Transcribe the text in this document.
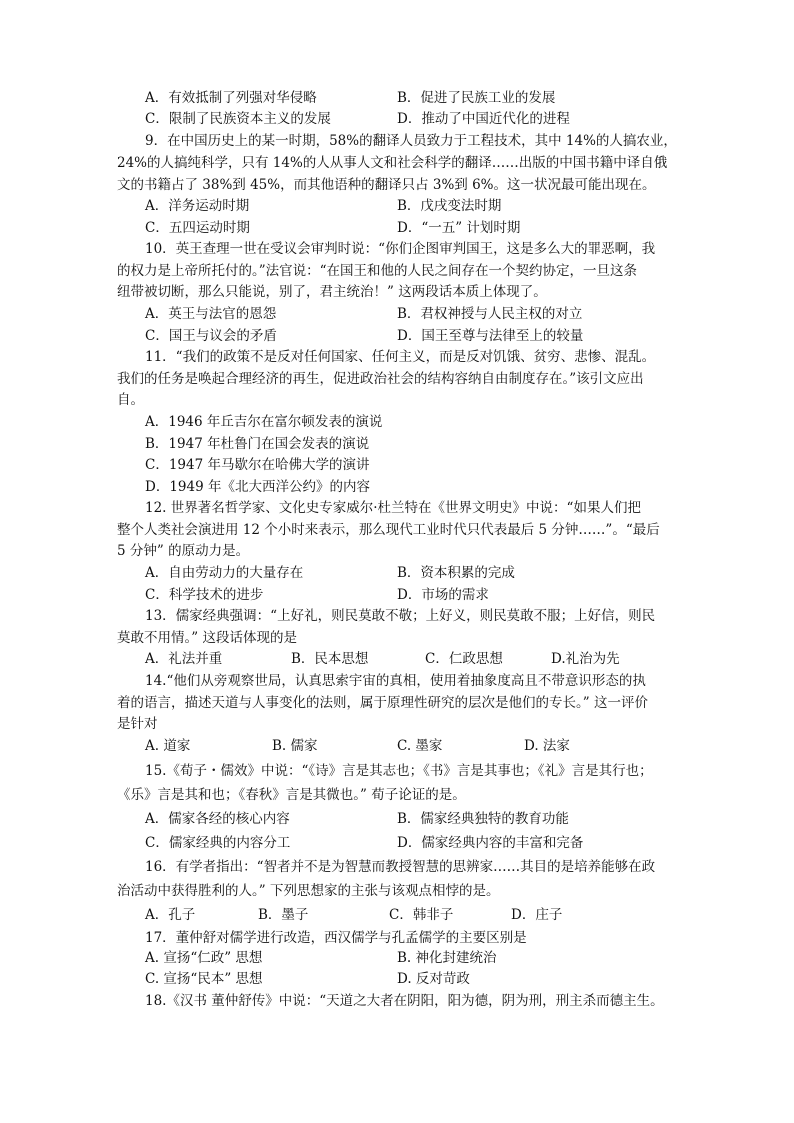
A．有效抵制了列强对华侵略	B．促进了民族工业的发展
C．限制了民族资本主义的发展	D．推动了中国近代化的进程
9．在中国历史上的某一时期，58%的翻译人员致力于工程技术，其中 14%的人搞农业，
24%的人搞纯科学，只有 14%的人从事人文和社会科学的翻译……出版的中国书籍中译自俄
文的书籍占了 38%到 45%，而其他语种的翻译只占 3%到 6%。这一状况最可能出现在。
A．洋务运动时期	B．戊戌变法时期
C．五四运动时期	D．“一五” 计划时期
10．英王查理一世在受议会审判时说：“你们企图审判国王，这是多么大的罪恶啊，我
的权力是上帝所托付的。”法官说：“在国王和他的人民之间存在一个契约协定，一旦这条
纽带被切断，那么只能说，别了，君主统治！” 这两段话本质上体现了。
A．英王与法官的恩怨	B．君权神授与人民主权的对立
C．国王与议会的矛盾	D．国王至尊与法律至上的较量
11．“我们的政策不是反对任何国家、任何主义，而是反对饥饿、贫穷、悲惨、混乱。
我们的任务是唤起合理经济的再生，促进政治社会的结构容纳自由制度存在。”该引文应出
自。
A．1946 年丘吉尔在富尔顿发表的演说
B．1947 年杜鲁门在国会发表的演说
C．1947 年马歇尔在哈佛大学的演讲
D．1949 年《北大西洋公约》的内容
12. 世界著名哲学家、文化史专家威尔·杜兰特在《世界文明史》中说：“如果人们把
整个人类社会演进用 12 个小时来表示，那么现代工业时代只代表最后 5 分钟……”。“最后
5 分钟” 的原动力是。
A．自由劳动力的大量存在	B．资本积累的完成
C．科学技术的进步	D．市场的需求
13．儒家经典强调：“上好礼，则民莫敢不敬；上好义，则民莫敢不服；上好信，则民
莫敢不用情。” 这段话体现的是
A．礼法并重	B．民本思想	C．仁政思想	D.礼治为先
14.“他们从旁观察世局，认真思索宇宙的真相，使用着抽象度高且不带意识形态的执
着的语言，描述天道与人事变化的法则，属于原理性研究的层次是他们的专长。” 这一评价
是针对
A. 道家	B. 儒家	C. 墨家	D. 法家
15.《荀子・儒效》中说：“《诗》言是其志也；《书》言是其事也；《礼》言是其行也；
《乐》言是其和也；《春秋》言是其微也。” 荀子论证的是。
A．儒家各经的核心内容	B．儒家经典独特的教育功能
C．儒家经典的内容分工	D．儒家经典内容的丰富和完备
16．有学者指出：“智者并不是为智慧而教授智慧的思辨家……其目的是培养能够在政
治活动中获得胜利的人。” 下列思想家的主张与该观点相悖的是。
A．孔子	B．墨子	C．韩非子	D．庄子
17．董仲舒对儒学进行改造，西汉儒学与孔孟儒学的主要区别是
A. 宣扬“仁政” 思想	B. 神化封建统治
C. 宣扬“民本” 思想	D. 反对苛政
18.《汉书 董仲舒传》中说：“天道之大者在阴阳，阳为德，阴为刑，刑主杀而德主生。
